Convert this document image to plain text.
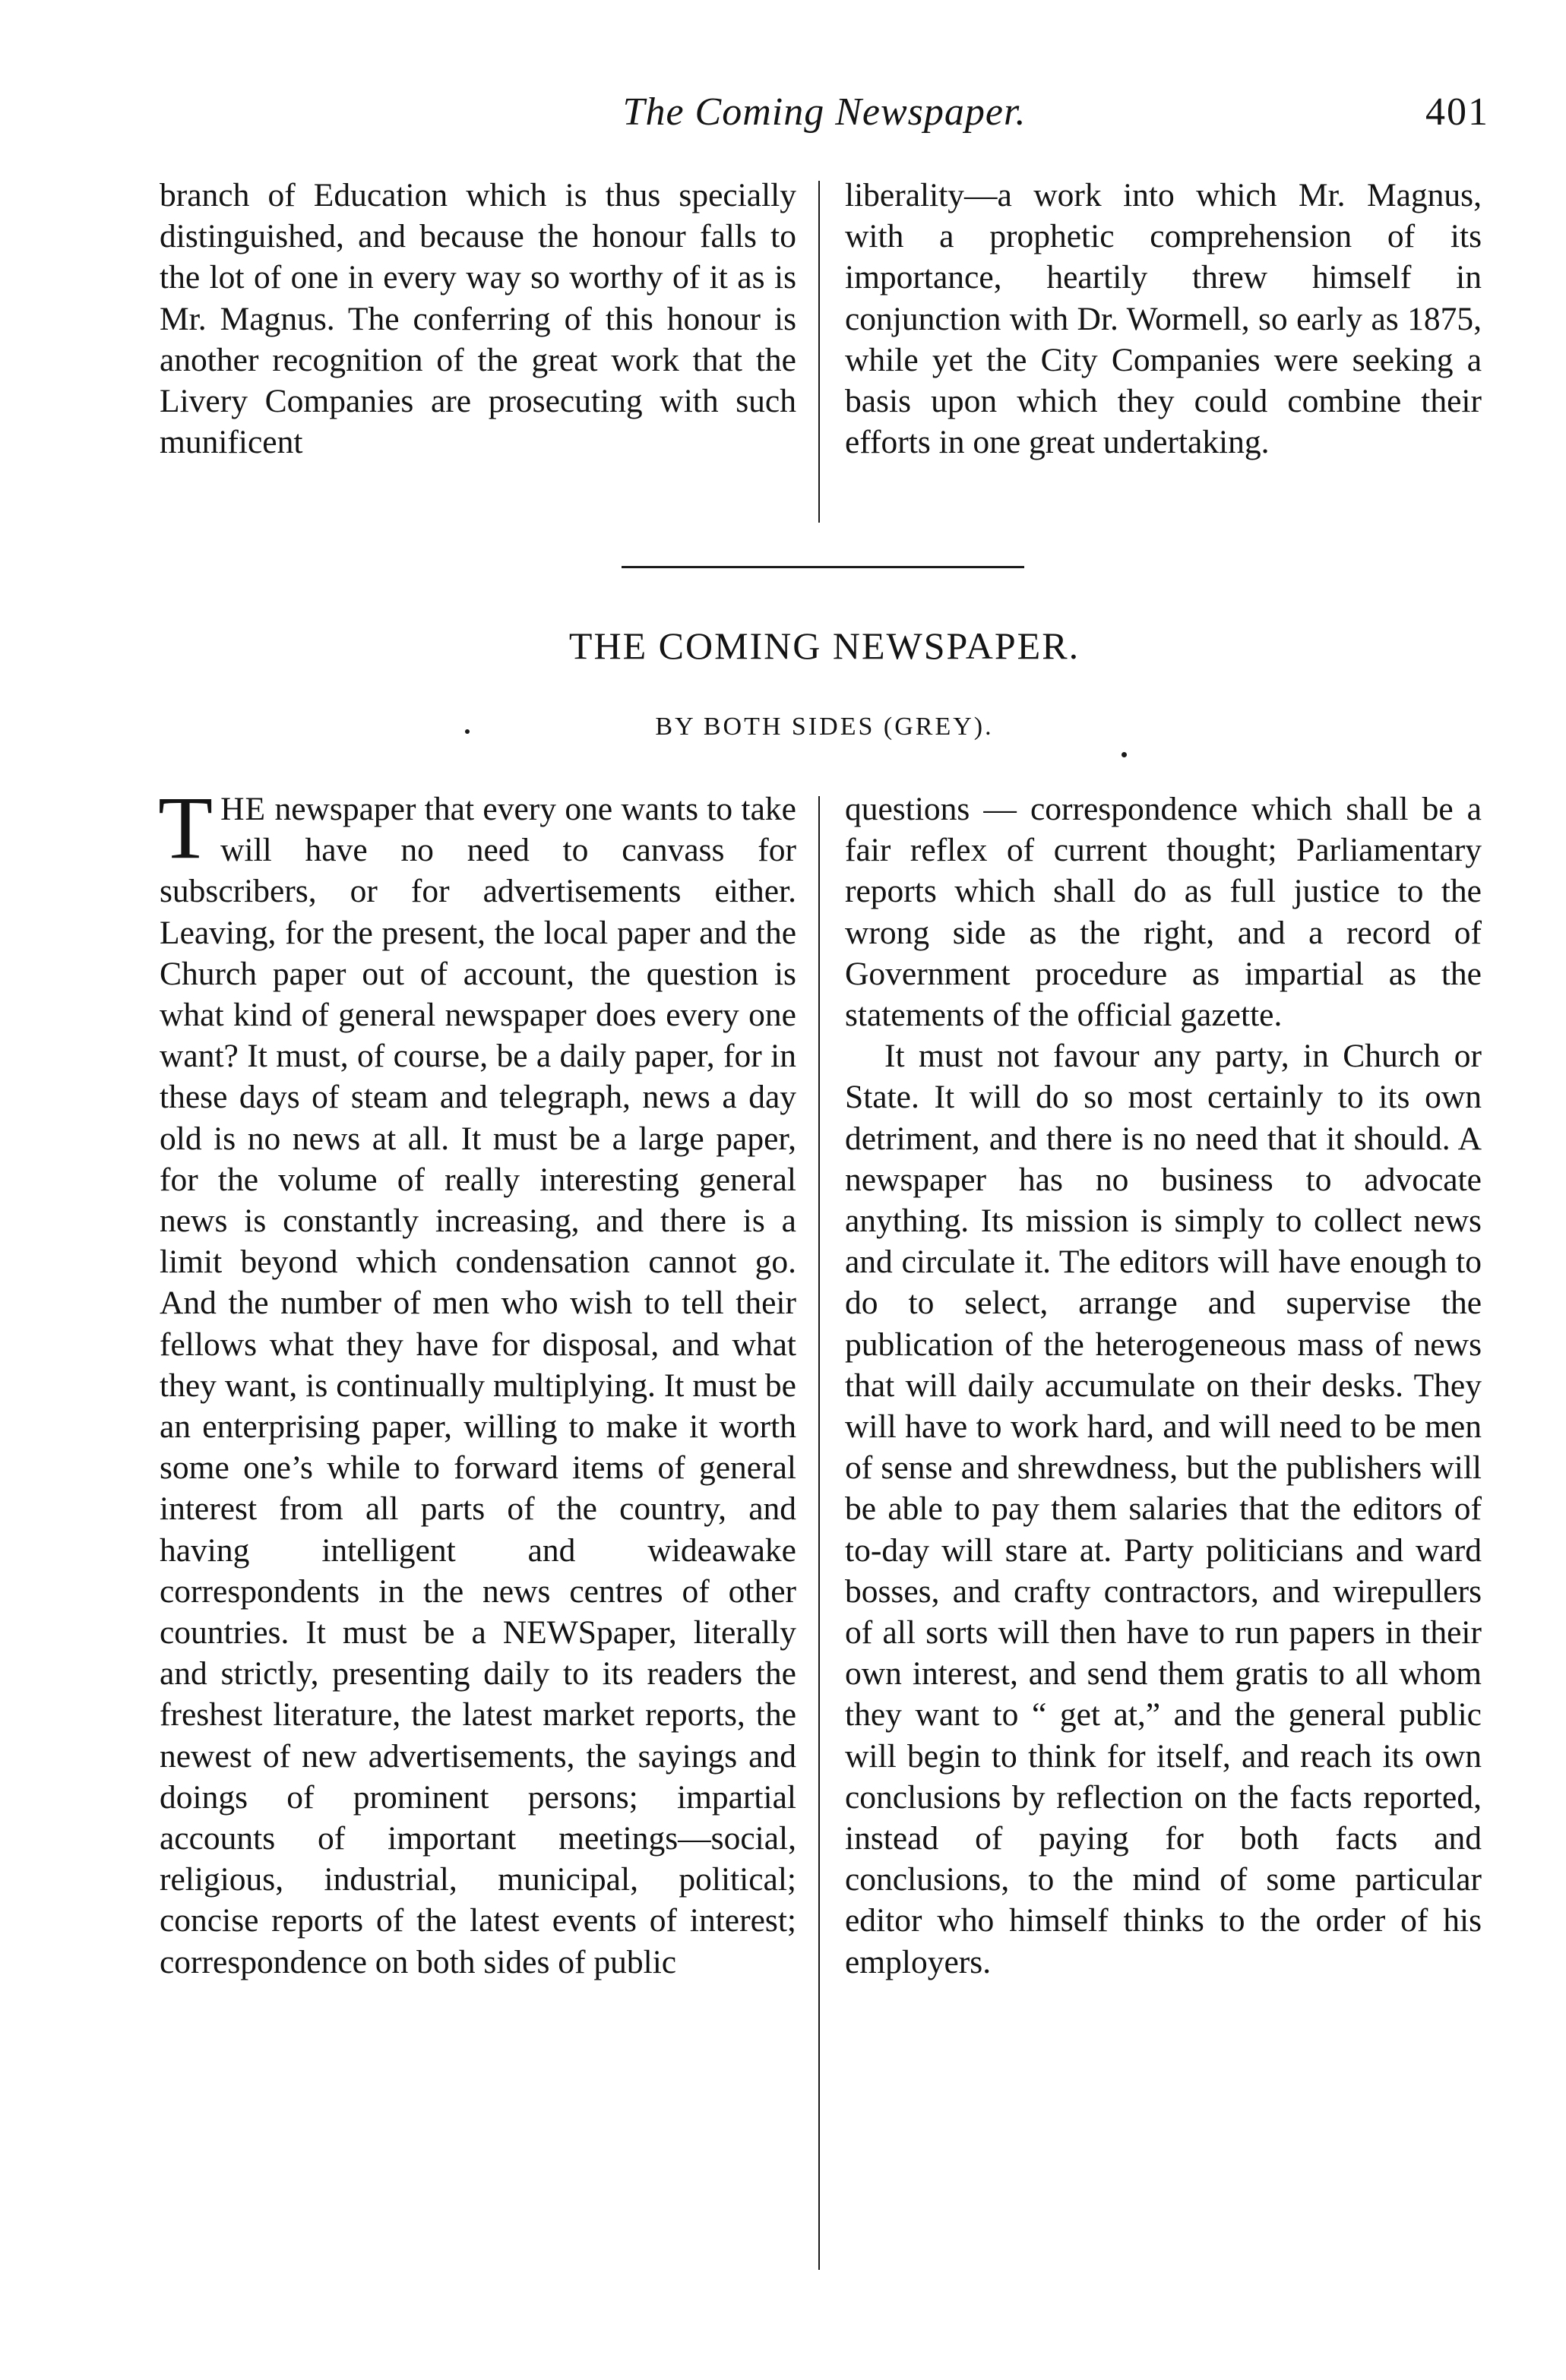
The Coming Newspaper.	401

branch of Education which is thus specially distinguished, and because the honour falls to the lot of one in every way so worthy of it as is Mr. Magnus. The conferring of this honour is another recognition of the great work that the Livery Companies are prosecuting with such munificent

liberality—a work into which Mr. Magnus, with a prophetic comprehension of its importance, heartily threw himself in conjunction with Dr. Wormell, so early as 1875, while yet the City Companies were seeking a basis upon which they could combine their efforts in one great undertaking.

THE COMING NEWSPAPER.
BY BOTH SIDES (GREY).

THE newspaper that every one wants to take will have no need to canvass for subscribers, or for advertisements either. Leaving, for the present, the local paper and the Church paper out of account, the question is what kind of general newspaper does every one want? It must, of course, be a daily paper, for in these days of steam and telegraph, news a day old is no news at all. It must be a large paper, for the volume of really interesting general news is constantly increasing, and there is a limit beyond which condensation cannot go. And the number of men who wish to tell their fellows what they have for disposal, and what they want, is continually multiplying. It must be an enterprising paper, willing to make it worth some one’s while to forward items of general interest from all parts of the country, and having intelligent and wideawake correspondents in the news centres of other countries. It must be a NEWSpaper, literally and strictly, presenting daily to its readers the freshest literature, the latest market reports, the newest of new advertisements, the sayings and doings of prominent persons; impartial accounts of important meetings—social, religious, industrial, municipal, political; concise reports of the latest events of interest; correspondence on both sides of public

questions — correspondence which shall be a fair reflex of current thought; Parliamentary reports which shall do as full justice to the wrong side as the right, and a record of Government procedure as impartial as the statements of the official gazette.

It must not favour any party, in Church or State. It will do so most certainly to its own detriment, and there is no need that it should. A newspaper has no business to advocate anything. Its mission is simply to collect news and circulate it. The editors will have enough to do to select, arrange and supervise the publication of the heterogeneous mass of news that will daily accumulate on their desks. They will have to work hard, and will need to be men of sense and shrewdness, but the publishers will be able to pay them salaries that the editors of to-day will stare at. Party politicians and ward bosses, and crafty contractors, and wirepullers of all sorts will then have to run papers in their own interest, and send them gratis to all whom they want to “ get at,” and the general public will begin to think for itself, and reach its own conclusions by reflection on the facts reported, instead of paying for both facts and conclusions, to the mind of some particular editor who himself thinks to the order of his employers.
